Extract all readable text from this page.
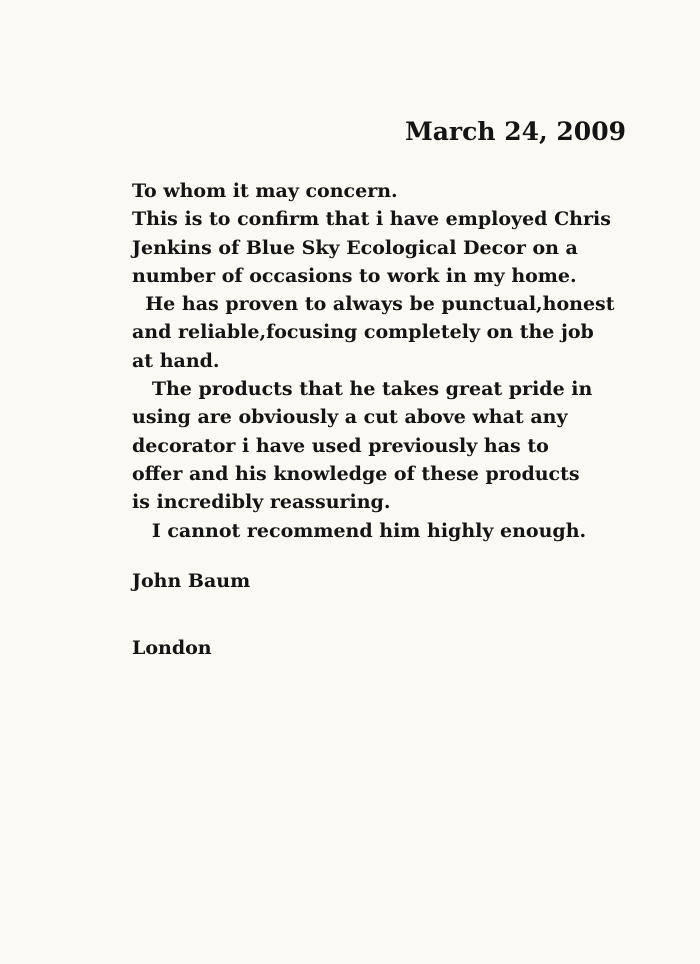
March 24, 2009
To whom it may concern.
This is to confirm that i have employed Chris
Jenkins of Blue Sky Ecological Decor on a
number of occasions to work in my home.
He has proven to always be punctual,honest
and reliable,focusing completely on the job
at hand.
The products that he takes great pride in
using are obviously a cut above what any
decorator i have used previously has to
offer and his knowledge of these products
is incredibly reassuring.
I cannot recommend him highly enough.
John Baum
London
